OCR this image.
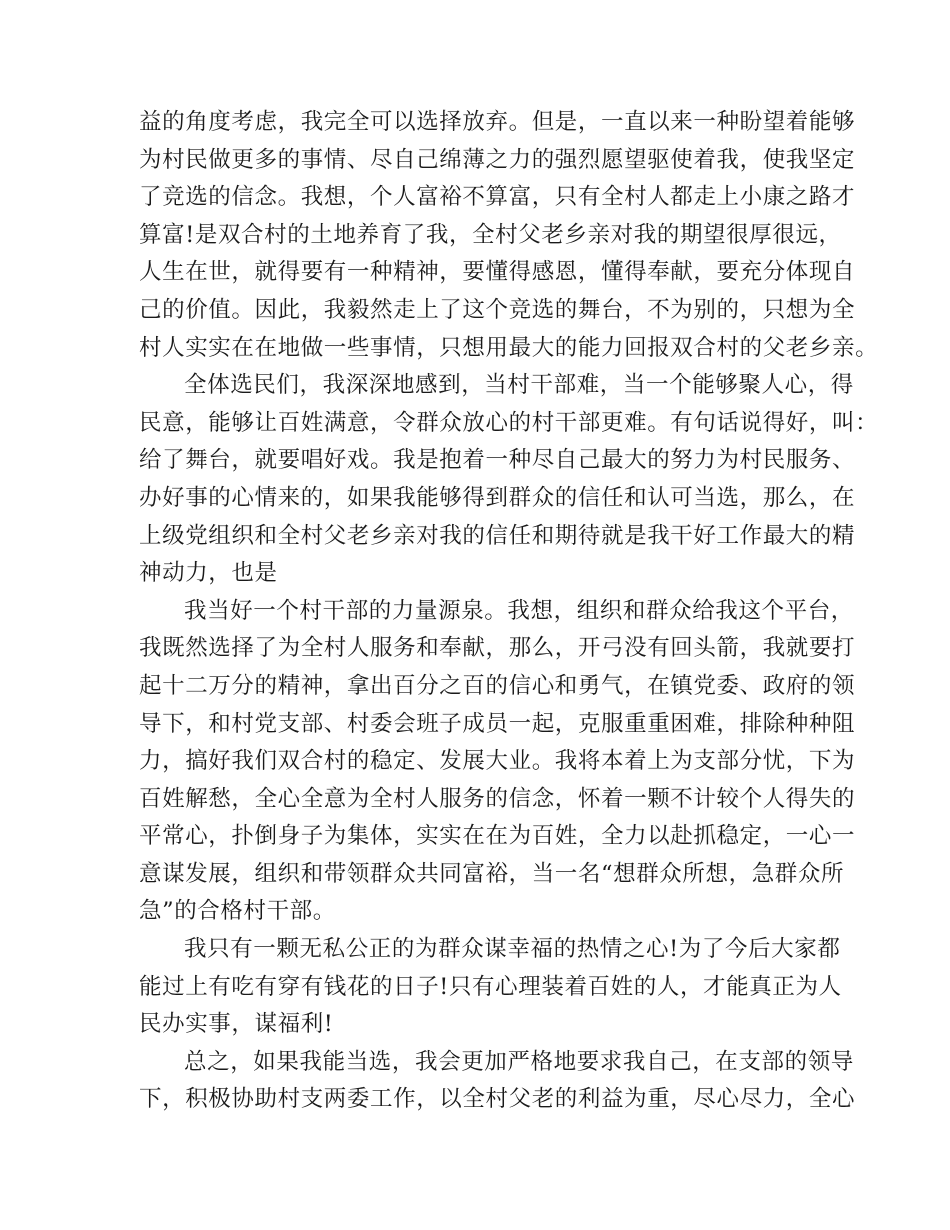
益的角度考虑，我完全可以选择放弃。但是，一直以来一种盼望着能够
为村民做更多的事情、尽自己绵薄之力的强烈愿望驱使着我，使我坚定
了竞选的信念。我想，个人富裕不算富，只有全村人都走上小康之路才
算富!是双合村的土地养育了我，全村父老乡亲对我的期望很厚很远，
人生在世，就得要有一种精神，要懂得感恩，懂得奉献，要充分体现自
己的价值。因此，我毅然走上了这个竞选的舞台，不为别的，只想为全
村人实实在在地做一些事情，只想用最大的能力回报双合村的父老乡亲。
全体选民们，我深深地感到，当村干部难，当一个能够聚人心，得
民意，能够让百姓满意，令群众放心的村干部更难。有句话说得好，叫：
给了舞台，就要唱好戏。我是抱着一种尽自己最大的努力为村民服务、
办好事的心情来的，如果我能够得到群众的信任和认可当选，那么，在
上级党组织和全村父老乡亲对我的信任和期待就是我干好工作最大的精
神动力，也是
我当好一个村干部的力量源泉。我想，组织和群众给我这个平台，
我既然选择了为全村人服务和奉献，那么，开弓没有回头箭，我就要打
起十二万分的精神，拿出百分之百的信心和勇气，在镇党委、政府的领
导下，和村党支部、村委会班子成员一起，克服重重困难，排除种种阻
力，搞好我们双合村的稳定、发展大业。我将本着上为支部分忧，下为
百姓解愁，全心全意为全村人服务的信念，怀着一颗不计较个人得失的
平常心，扑倒身子为集体，实实在在为百姓，全力以赴抓稳定，一心一
意谋发展，组织和带领群众共同富裕，当一名“想群众所想，急群众所
急”的合格村干部。
我只有一颗无私公正的为群众谋幸福的热情之心!为了今后大家都
能过上有吃有穿有钱花的日子!只有心理装着百姓的人，才能真正为人
民办实事，谋福利!
总之，如果我能当选，我会更加严格地要求我自己，在支部的领导
下，积极协助村支两委工作，以全村父老的利益为重，尽心尽力，全心
